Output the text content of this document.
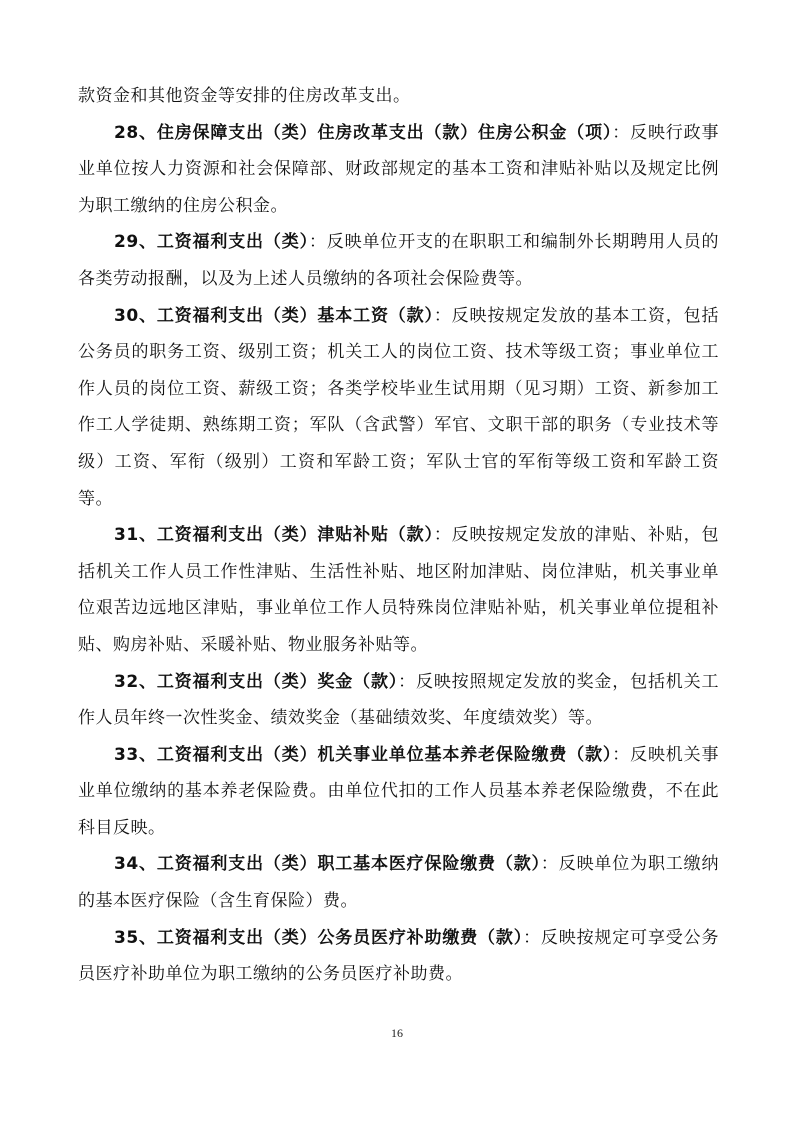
款资金和其他资金等安排的住房改革支出。

28、住房保障支出（类）住房改革支出（款）住房公积金（项）：反映行政事业单位按人力资源和社会保障部、财政部规定的基本工资和津贴补贴以及规定比例为职工缴纳的住房公积金。

29、工资福利支出（类）：反映单位开支的在职职工和编制外长期聘用人员的各类劳动报酬，以及为上述人员缴纳的各项社会保险费等。

30、工资福利支出（类）基本工资（款）：反映按规定发放的基本工资，包括公务员的职务工资、级别工资；机关工人的岗位工资、技术等级工资；事业单位工作人员的岗位工资、薪级工资；各类学校毕业生试用期（见习期）工资、新参加工作工人学徒期、熟练期工资；军队（含武警）军官、文职干部的职务（专业技术等级）工资、军衔（级别）工资和军龄工资；军队士官的军衔等级工资和军龄工资等。

31、工资福利支出（类）津贴补贴（款）：反映按规定发放的津贴、补贴，包括机关工作人员工作性津贴、生活性补贴、地区附加津贴、岗位津贴，机关事业单位艰苦边远地区津贴，事业单位工作人员特殊岗位津贴补贴，机关事业单位提租补贴、购房补贴、采暖补贴、物业服务补贴等。

32、工资福利支出（类）奖金（款）：反映按照规定发放的奖金，包括机关工作人员年终一次性奖金、绩效奖金（基础绩效奖、年度绩效奖）等。

33、工资福利支出（类）机关事业单位基本养老保险缴费（款）：反映机关事业单位缴纳的基本养老保险费。由单位代扣的工作人员基本养老保险缴费，不在此科目反映。

34、工资福利支出（类）职工基本医疗保险缴费（款）：反映单位为职工缴纳的基本医疗保险（含生育保险）费。

35、工资福利支出（类）公务员医疗补助缴费（款）：反映按规定可享受公务员医疗补助单位为职工缴纳的公务员医疗补助费。

16
